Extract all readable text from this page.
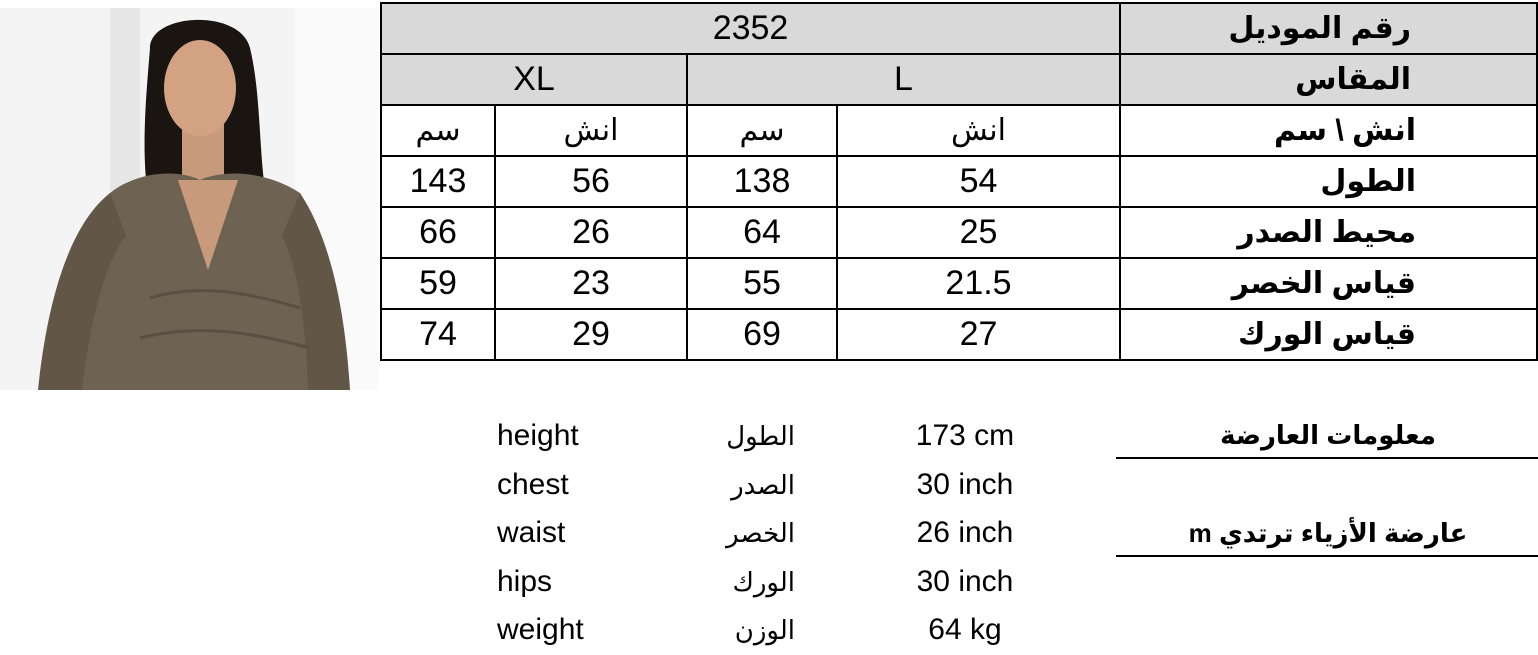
2352				رقم الموديل
XL		L		المقاس
سم	انش	سم	انش	انش \ سم
143	56	138	54	الطول
66	26	64	25	محيط الصدر
59	23	55	21.5	قياس الخصر
74	29	69	27	قياس الورك
معلومات العارضة
عارضة الأزياء ترتدي m
height	الطول	173 cm
chest	الصدر	30 inch
waist	الخصر	26 inch
hips	الورك	30 inch
weight	الوزن	64 kg
